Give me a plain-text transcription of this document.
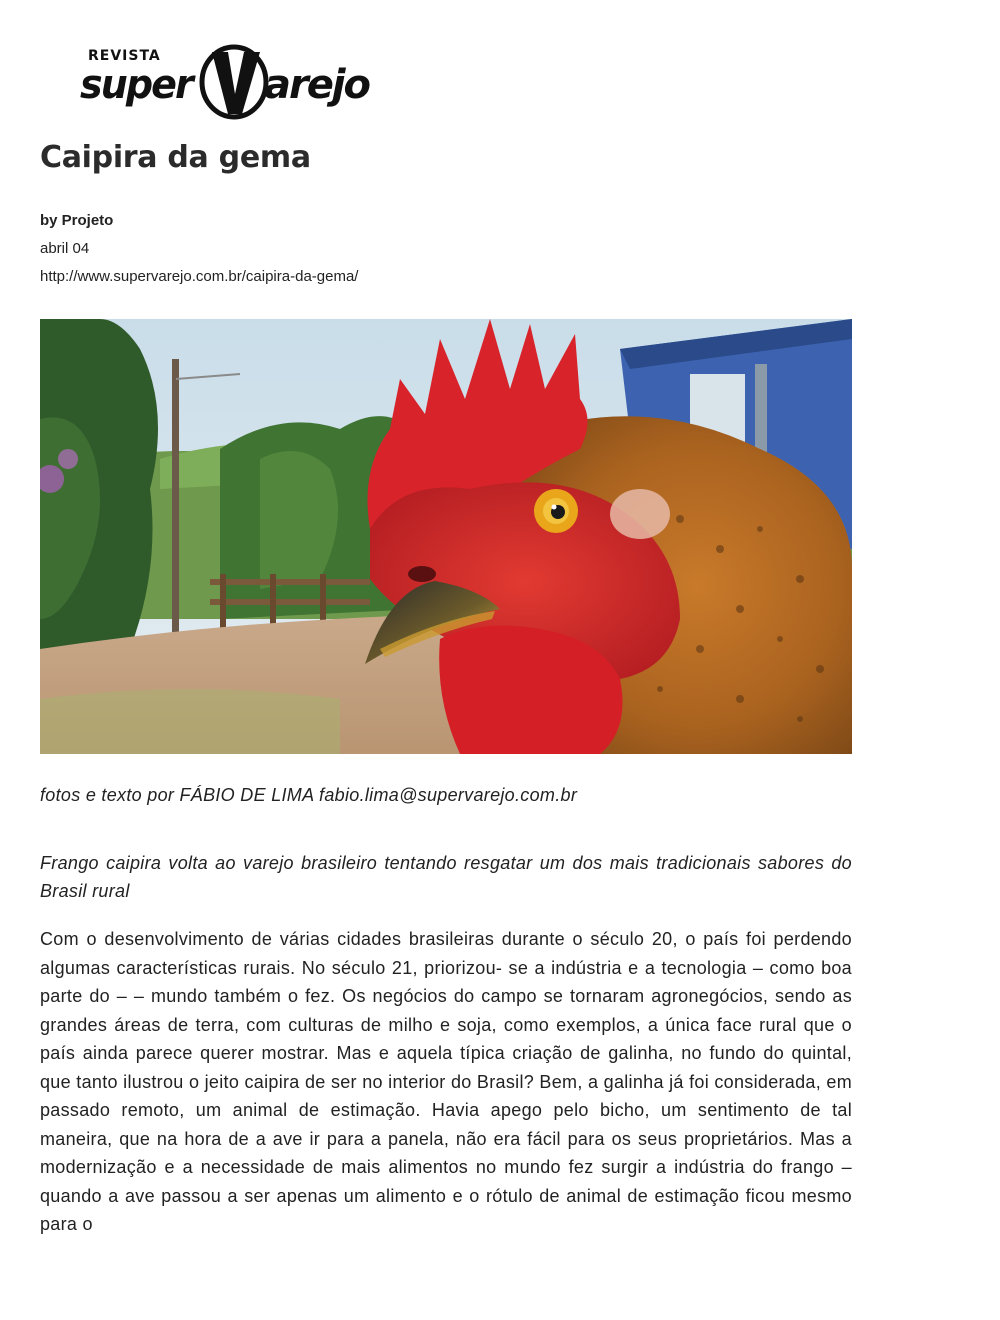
REVISTA
super arejo
Caipira da gema
by Projeto
abril 04
http://www.supervarejo.com.br/caipira-da-gema/
fotos e texto por FÁBIO DE LIMA fabio.lima@supervarejo.com.br

Frango caipira volta ao varejo brasileiro tentando resgatar um dos mais tradicionais sabores do Brasil rural

Com o desenvolvimento de várias cidades brasileiras durante o século 20, o país foi perdendo algumas características rurais. No século 21, priorizou- se a indústria e a tecnologia – como boa parte do – – mundo também o fez. Os negócios do campo se tornaram agronegócios, sendo as grandes áreas de terra, com culturas de milho e soja, como exemplos, a única face rural que o país ainda parece querer mostrar. Mas e aquela típica criação de galinha, no fundo do quintal, que tanto ilustrou o jeito caipira de ser no interior do Brasil? Bem, a galinha já foi considerada, em passado remoto, um animal de estimação. Havia apego pelo bicho, um sentimento de tal maneira, que na hora de a ave ir para a panela, não era fácil para os seus proprietários. Mas a modernização e a necessidade de mais alimentos no mundo fez surgir a indústria do frango – quando a ave passou a ser apenas um alimento e o rótulo de animal de estimação ficou mesmo para o
